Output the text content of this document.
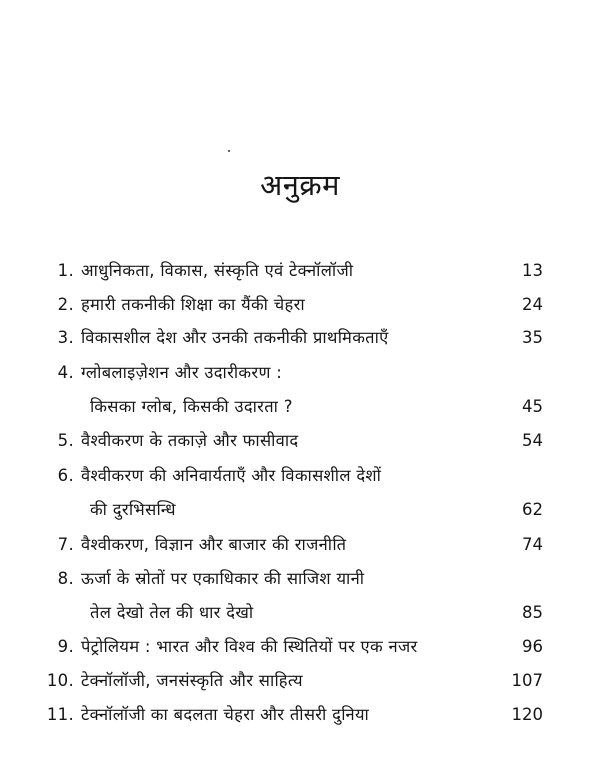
अनुक्रम
1. आधुनिकता, विकास, संस्कृति एवं टेक्नॉलॉजी	13
2. हमारी तकनीकी शिक्षा का यैंकी चेहरा	24
3. विकासशील देश और उनकी तकनीकी प्राथमिकताएँ	35
4. ग्लोबलाइज़ेशन और उदारीकरण :
किसका ग्लोब, किसकी उदारता ?	45
5. वैश्वीकरण के तकाज़े और फासीवाद	54
6. वैश्वीकरण की अनिवार्यताएँ और विकासशील देशों
की दुरभिसन्धि	62
7. वैश्वीकरण, विज्ञान और बाजार की राजनीति	74
8. ऊर्जा के स्रोतों पर एकाधिकार की साजिश यानी
तेल देखो तेल की धार देखो	85
9. पेट्रोलियम : भारत और विश्व की स्थितियों पर एक नजर	96
10. टेक्नॉलॉजी, जनसंस्कृति और साहित्य	107
11. टेक्नॉलॉजी का बदलता चेहरा और तीसरी दुनिया	120
